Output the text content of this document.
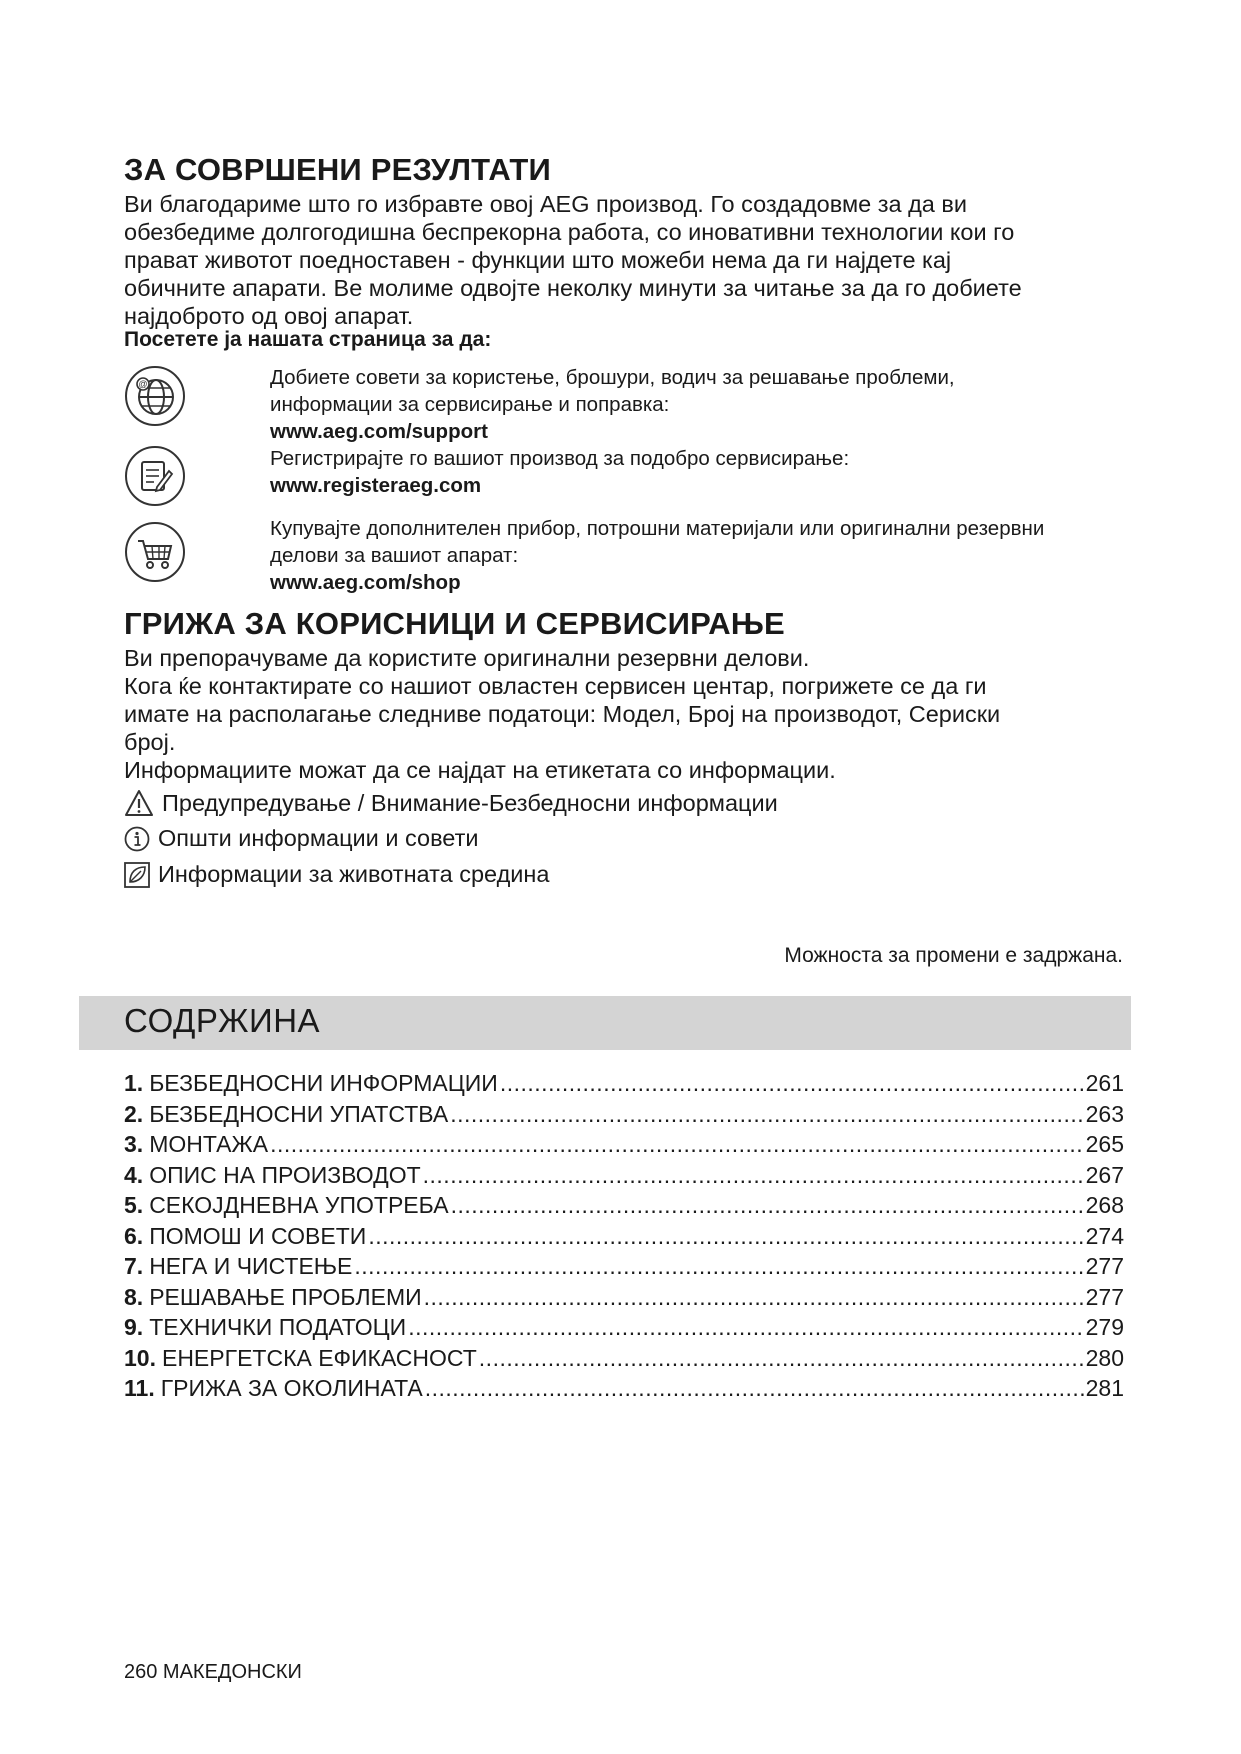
ЗА СОВРШЕНИ РЕЗУЛТАТИ

Ви благодариме што го избравте овој AEG производ. Го создадовме за да ви

обезбедиме долгогодишна беспрекорна работа, со иновативни технологии кои го

прават животот поедноставен - функции што можеби нема да ги најдете кај

обичните апарати. Ве молиме одвојте неколку минути за читање за да го добиете

најдоброто од овој апарат.

Посетете ја нашата страница за да:
@	Добиете совети за користење, брошури, водич за решавање проблеми,
информации за сервисирање и поправка:
www.aeg.com/support
Регистрирајте го вашиот производ за подобро сервисирање:
www.registeraeg.com
Купувајте дополнителен прибор, потрошни материјали или оригинални резервни
делови за вашиот апарат:
www.aeg.com/shop
ГРИЖА ЗА КОРИСНИЦИ И СЕРВИСИРАЊЕ

Ви препорачуваме да користите оригинални резервни делови.

Кога ќе контактирате со нашиот овластен сервисен центар, погрижете се да ги

имате на располагање следниве податоци: Модел, Број на производот, Сериски

број.

Информациите можат да се најдат на етикетата со информации.

Предупредување / Внимание-Безбедносни информации
Општи информации и совети
Информации за животната средина
Можноста за промени е задржана.
СОДРЖИНА
1. БЕЗБЕДНОСНИ ИНФОРМАЦИИ .....	261
2. БЕЗБЕДНОСНИ УПАТСТВА .....	263
3. МОНТАЖА .....	265
4. ОПИС НА ПРОИЗВОДОТ .....	267
5. СЕКОЈДНЕВНА УПОТРЕБА .....	268
6. ПОМОШ И СОВЕТИ .....	274
7. НЕГА И ЧИСТЕЊЕ .....	277
8. РЕШАВАЊЕ ПРОБЛЕМИ .....	277
9. ТЕХНИЧКИ ПОДАТОЦИ .....	279
10. ЕНЕРГЕТСКА ЕФИКАСНОСТ .....	280
11. ГРИЖА ЗА ОКОЛИНАТА .....	281
260 МАКЕДОНСКИ
